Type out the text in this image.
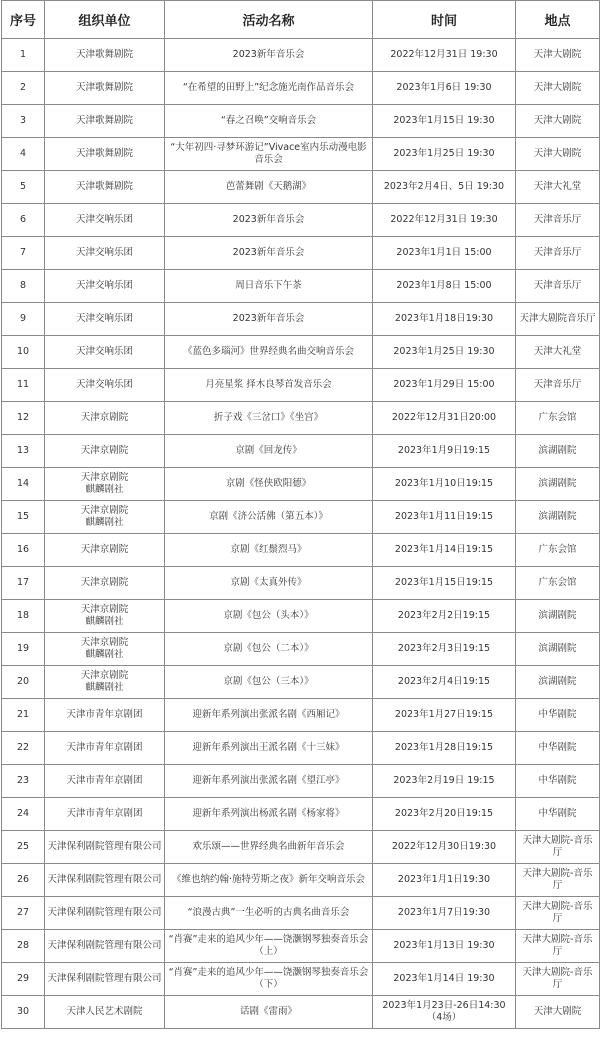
序号	组织单位	活动名称	时间	地点
1	天津歌舞剧院	2023新年音乐会	2022年12月31日 19:30	天津大剧院
2	天津歌舞剧院	“在希望的田野上”纪念施光南作品音乐会	2023年1月6日 19:30	天津大剧院
3	天津歌舞剧院	“春之召唤”交响音乐会	2023年1月15日 19:30	天津大剧院
4	天津歌舞剧院	“大年初四·寻梦环游记”Vivace室内乐动漫电影音乐会	2023年1月25日 19:30	天津大剧院
5	天津歌舞剧院	芭蕾舞剧《天鹅湖》	2023年2月4日、5日 19:30	天津大礼堂
6	天津交响乐团	2023新年音乐会	2022年12月31日 19:30	天津音乐厅
7	天津交响乐团	2023新年音乐会	2023年1月1日 15:00	天津音乐厅
8	天津交响乐团	周日音乐下午茶	2023年1月8日 15:00	天津音乐厅
9	天津交响乐团	2023新年音乐会	2023年1月18日19:30	天津大剧院音乐厅
10	天津交响乐团	《蓝色多瑙河》世界经典名曲交响音乐会	2023年1月25日 19:30	天津大礼堂
11	天津交响乐团	月亮星浆 择木良琴首发音乐会	2023年1月29日 15:00	天津音乐厅
12	天津京剧院	折子戏《三岔口》《坐宫》	2022年12月31日20:00	广东会馆
13	天津京剧院	京剧《回龙传》	2023年1月9日19:15	滨湖剧院
14	天津京剧院
麒麟剧社	京剧《怪侠欧阳德》	2023年1月10日19:15	滨湖剧院
15	天津京剧院
麒麟剧社	京剧《济公活佛（第五本）》	2023年1月11日19:15	滨湖剧院
16	天津京剧院	京剧《红鬃烈马》	2023年1月14日19:15	广东会馆
17	天津京剧院	京剧《太真外传》	2023年1月15日19:15	广东会馆
18	天津京剧院
麒麟剧社	京剧《包公（头本）》	2023年2月2日19:15	滨湖剧院
19	天津京剧院
麒麟剧社	京剧《包公（二本）》	2023年2月3日19:15	滨湖剧院
20	天津京剧院
麒麟剧社	京剧《包公（三本）》	2023年2月4日19:15	滨湖剧院
21	天津市青年京剧团	迎新年系列演出张派名剧《西厢记》	2023年1月27日19:15	中华剧院
22	天津市青年京剧团	迎新年系列演出王派名剧《十三妹》	2023年1月28日19:15	中华剧院
23	天津市青年京剧团	迎新年系列演出张派名剧《望江亭》	2023年2月19日 19:15	中华剧院
24	天津市青年京剧团	迎新年系列演出杨派名剧《杨家将》	2023年2月20日19:15	中华剧院
25	天津保利剧院管理有限公司	欢乐颂——世界经典名曲新年音乐会	2022年12月30日19:30	天津大剧院-音乐厅
26	天津保利剧院管理有限公司	《维也纳约翰·施特劳斯之夜》新年交响音乐会	2023年1月1日19:30	天津大剧院-音乐厅
27	天津保利剧院管理有限公司	“浪漫古典”一生必听的古典名曲音乐会	2023年1月7日19:30	天津大剧院-音乐厅
28	天津保利剧院管理有限公司	“肖赛”走来的追风少年——饶灏钢琴独奏音乐会（上）	2023年1月13日 19:30	天津大剧院-音乐厅
29	天津保利剧院管理有限公司	“肖赛”走来的追风少年——饶灏钢琴独奏音乐会（下）	2023年1月14日 19:30	天津大剧院-音乐厅
30	天津人民艺术剧院	话剧《雷雨》	2023年1月23日-26日14:30（4场）	天津大剧院
